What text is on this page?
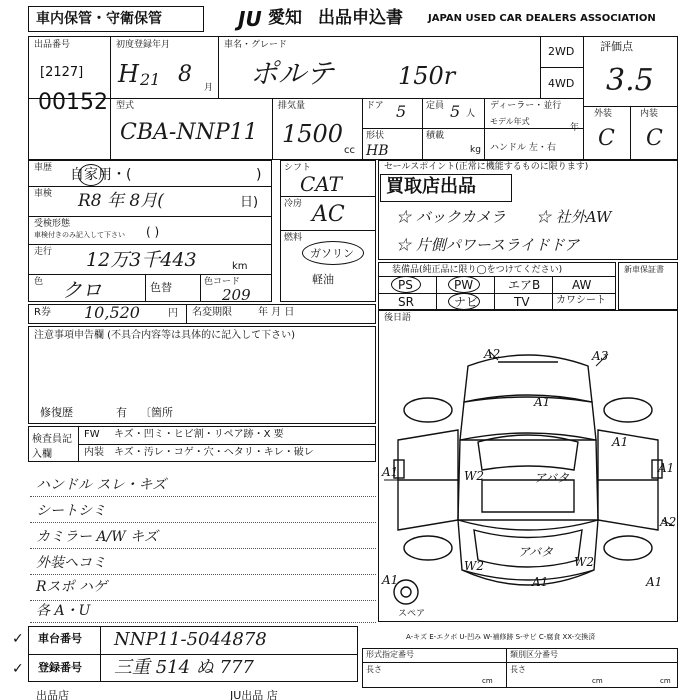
車内保管・守衛保管	JU 愛知 出品申込書	JAPAN USED CAR DEALERS ASSOCIATION
出品番号
[2127]
00152
初度登録年月
H 21 8
月
車名・グレード
ポルテ	150r
2WD
4WD
評価点
3.5
外装	内装
C C
型式
CBA-NNP11
排気量
1500
cc
ドア 5 定員 5 人
ディーラー・並行
モデル年式
年
ハンドル 左・右
形状
HB
積載
kg
車歴 自家用・(	)
車検 R8 年 8月(	日)
受検形態
車検付きのみ記入して下さい ( )
走行 12万3千443	km
色 クロ	色替	色コード
209
シフト
CAT
冷房 AC
燃料
ガソリン
軽油
セールスポイント(正常に機能するものに限ります)
買取店出品
☆ バックカメラ ☆ 社外AW
☆ 片側パワースライドドア
装備品(純正品に限り◯をつけてください)
PS	PW	エアB	AW
SR	ナビ	TV	カワシート
新車保証書
R券 10,520	円 名変期限	年 月 日	後日語
注意事項申告欄 (不具合内容等は具体的に記入して下さい)
修復歴	有 〔箇所
検査員記入欄
FW キズ・凹ミ・ヒビ割・リペア跡・X 要
内装 キズ・汚レ・コゲ・穴・ヘタリ・キレ・破レ
ハンドル スレ・キズ
シートシミ
カミラー A/W キズ
外装ヘコミ
Rスポ ハゲ
各 A・U
A2	A3
A1
A1	W2	アバタ
A1
W2
アバタ
A1	A1
A2
A1
W2
A1
スペア
車台番号 NNP11-5044878
登録番号 三重 514 ぬ 777
A-キズ E-エクボ U-凹み W-補修跡 S-サビ C-腐食 XX-交換済
形式指定番号
長さ
類別区分番号
長さ
cm	cm	cm
出品店	JU出品 店
✓
✓
